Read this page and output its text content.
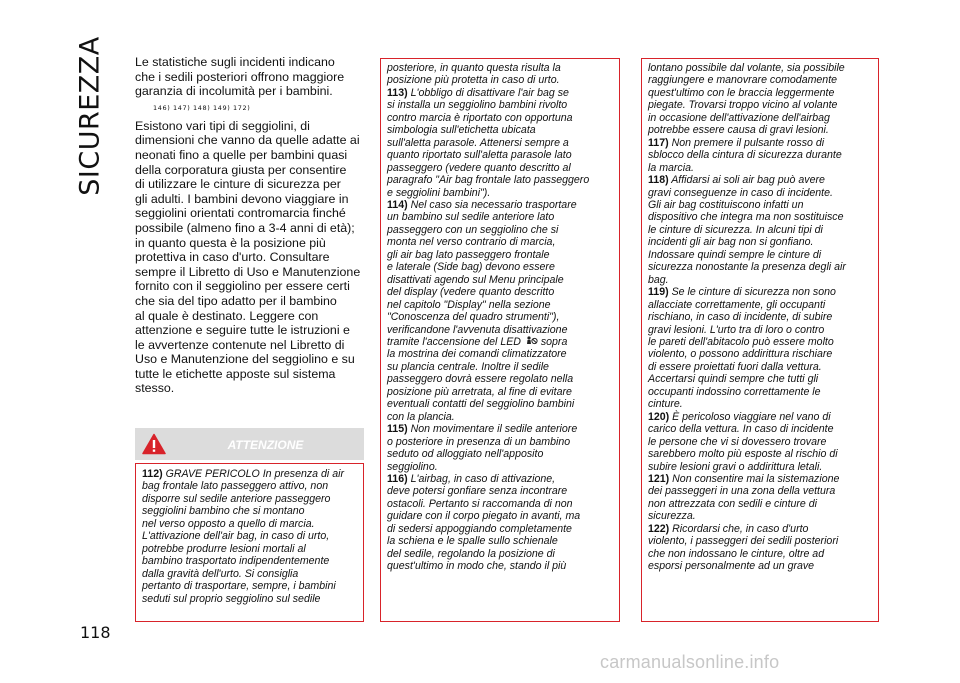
SICUREZZA
118

Le statistiche sugli incidenti indicano
che i sedili posteriori offrono maggiore
garanzia di incolumità per i bambini.

146) 147) 148) 149) 172)

Esistono vari tipi di seggiolini, di
dimensioni che vanno da quelle adatte ai
neonati fino a quelle per bambini quasi
della corporatura giusta per consentire
di utilizzare le cinture di sicurezza per
gli adulti. I bambini devono viaggiare in
seggiolini orientati contromarcia finché
possibile (almeno fino a 3-4 anni di età);
in quanto questa è la posizione più
protettiva in caso d'urto. Consultare
sempre il Libretto di Uso e Manutenzione
fornito con il seggiolino per essere certi
che sia del tipo adatto per il bambino
al quale è destinato. Leggere con
attenzione e seguire tutte le istruzioni e
le avvertenze contenute nel Libretto di
Uso e Manutenzione del seggiolino e su
tutte le etichette apposte sul sistema
stesso.

ATTENZIONE

112) GRAVE PERICOLO In presenza di air
bag frontale lato passeggero attivo, non
disporre sul sedile anteriore passeggero
seggiolini bambino che si montano
nel verso opposto a quello di marcia.
L'attivazione dell'air bag, in caso di urto,
potrebbe produrre lesioni mortali al
bambino trasportato indipendentemente
dalla gravità dell'urto. Si consiglia
pertanto di trasportare, sempre, i bambini
seduti sul proprio seggiolino sul sedile

posteriore, in quanto questa risulta la
posizione più protetta in caso di urto.

113) L'obbligo di disattivare l'air bag se
si installa un seggiolino bambini rivolto
contro marcia è riportato con opportuna
simbologia sull'etichetta ubicata
sull'aletta parasole. Attenersi sempre a
quanto riportato sull'aletta parasole lato
passeggero (vedere quanto descritto al
paragrafo "Air bag frontale lato passeggero
e seggiolini bambini").

114) Nel caso sia necessario trasportare
un bambino sul sedile anteriore lato
passeggero con un seggiolino che si
monta nel verso contrario di marcia,
gli air bag lato passeggero frontale
e laterale (Side bag) devono essere
disattivati agendo sul Menu principale
del display (vedere quanto descritto
nel capitolo "Display" nella sezione
"Conoscenza del quadro strumenti"),
verificandone l'avvenuta disattivazione
tramite l'accensione del LED sopra
la mostrina dei comandi climatizzatore
su plancia centrale. Inoltre il sedile
passeggero dovrà essere regolato nella
posizione più arretrata, al fine di evitare
eventuali contatti del seggiolino bambini
con la plancia.

115) Non movimentare il sedile anteriore
o posteriore in presenza di un bambino
seduto od alloggiato nell'apposito
seggiolino.

116) L'airbag, in caso di attivazione,
deve potersi gonfiare senza incontrare
ostacoli. Pertanto si raccomanda di non
guidare con il corpo piegato in avanti, ma
di sedersi appoggiando completamente
la schiena e le spalle sullo schienale
del sedile, regolando la posizione di
quest'ultimo in modo che, stando il più

lontano possibile dal volante, sia possibile
raggiungere e manovrare comodamente
quest'ultimo con le braccia leggermente
piegate. Trovarsi troppo vicino al volante
in occasione dell'attivazione dell'airbag
potrebbe essere causa di gravi lesioni.

117) Non premere il pulsante rosso di
sblocco della cintura di sicurezza durante
la marcia.

118) Affidarsi ai soli air bag può avere
gravi conseguenze in caso di incidente.
Gli air bag costituiscono infatti un
dispositivo che integra ma non sostituisce
le cinture di sicurezza. In alcuni tipi di
incidenti gli air bag non si gonfiano.
Indossare quindi sempre le cinture di
sicurezza nonostante la presenza degli air
bag.

119) Se le cinture di sicurezza non sono
allacciate correttamente, gli occupanti
rischiano, in caso di incidente, di subire
gravi lesioni. L'urto tra di loro o contro
le pareti dell'abitacolo può essere molto
violento, o possono addirittura rischiare
di essere proiettati fuori dalla vettura.
Accertarsi quindi sempre che tutti gli
occupanti indossino correttamente le
cinture.

120) È pericoloso viaggiare nel vano di
carico della vettura. In caso di incidente
le persone che vi si dovessero trovare
sarebbero molto più esposte al rischio di
subire lesioni gravi o addirittura letali.

121) Non consentire mai la sistemazione
dei passeggeri in una zona della vettura
non attrezzata con sedili e cinture di
sicurezza.

122) Ricordarsi che, in caso d'urto
violento, i passeggeri dei sedili posteriori
che non indossano le cinture, oltre ad
esporsi personalmente ad un grave

carmanualsonline.info
